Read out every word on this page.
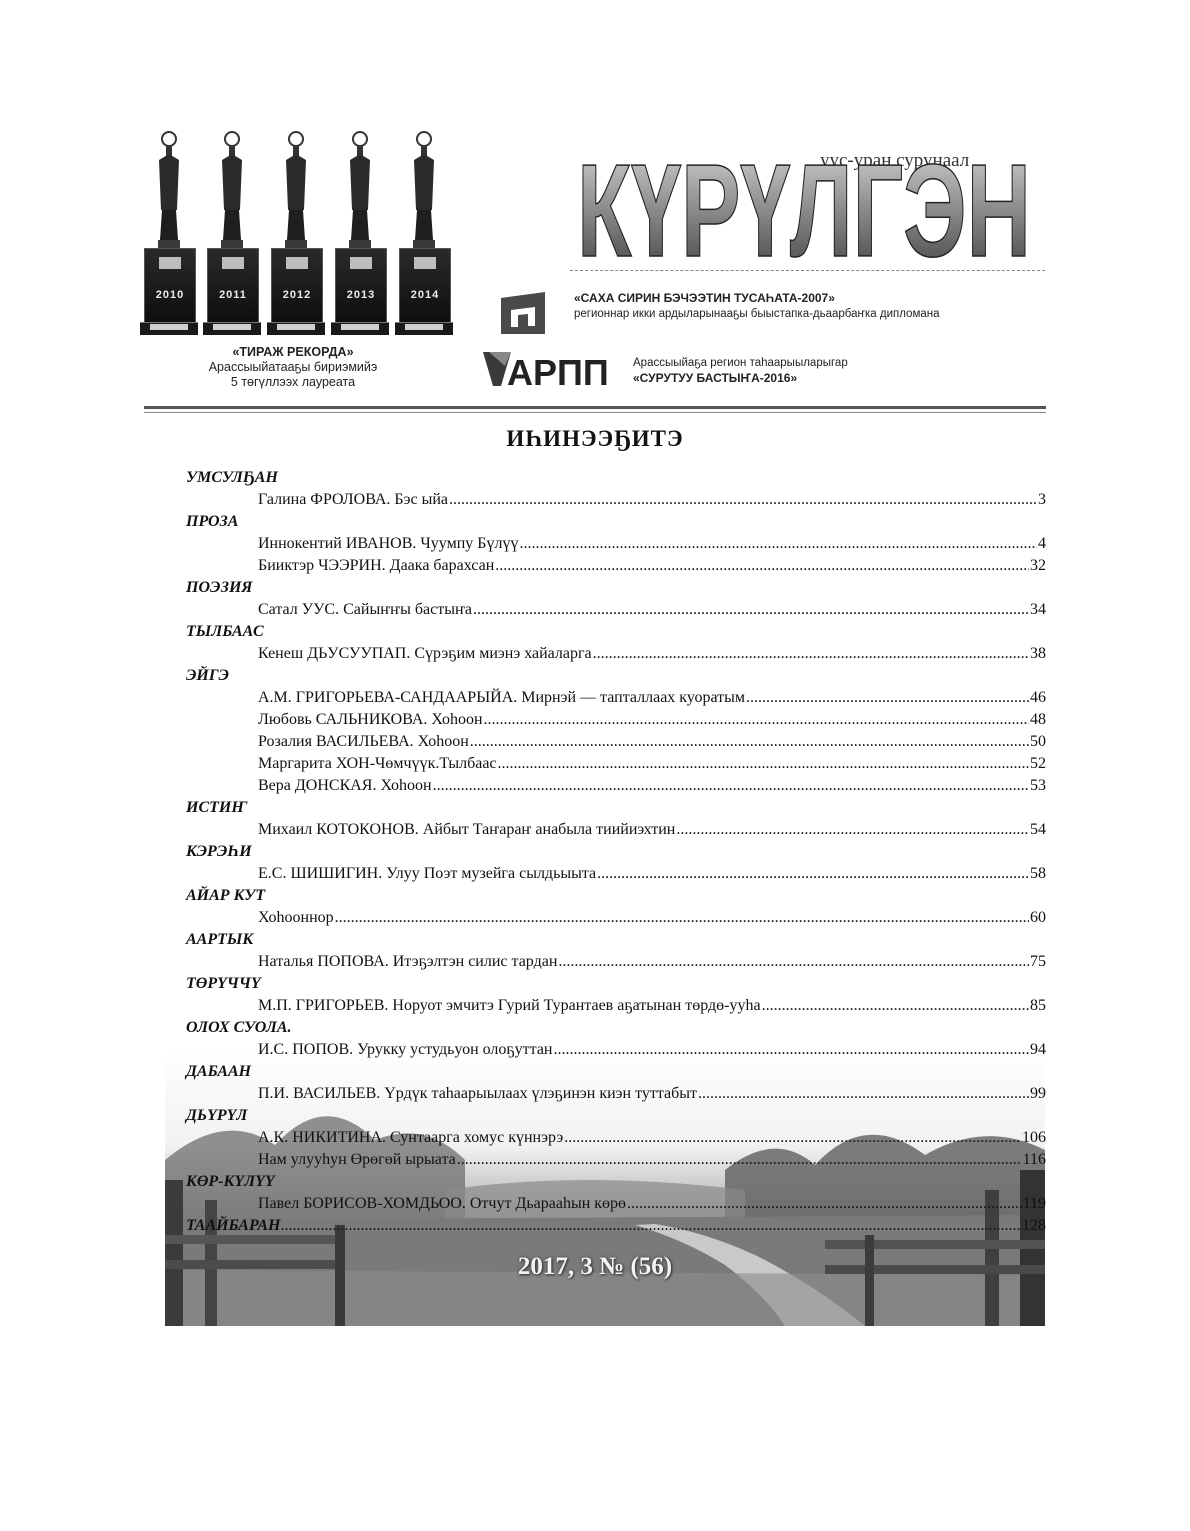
2010	2011	2012	2013	2014
«ТИРАЖ РЕКОРДА»
Арассыыйатааҕы бириэмийэ
5 төгүллээх лауреата
уус-уран сурунаал
КҮРҮЛГЭН
«САХА СИРИН БЭЧЭЭТИН ТУСАҺАТА-2007»
регионнар икки ардыларынааҕы быыстапка-дьаарбаҥка дипломана
АРПП Арассыыйаҕа регион таһаарыыларыгар
«СУРУТУУ БАСТЫҤА-2016»
ИҺИНЭЭҔИТЭ
УМСУЛҔАН
Галина ФРОЛОВА. Бэс ыйа .....	3
ПРОЗА
Иннокентий ИВАНОВ. Чуумпу Бүлүү .....	4
Бииктэр ЧЭЭРИН. Даака барахсан .....	32
ПОЭЗИЯ
Сатал УУС. Сайыҥҥы бастыҥа .....	34
ТЫЛБААС
Кенеш ДЬУСУУПАП. Сүрэҕим миэнэ хайаларга .....	38
ЭЙГЭ
А.М. ГРИГОРЬЕВА-САНДААРЫЙА. Мирнэй — тапталлаах куоратым .....	46
Любовь САЛЬНИКОВА. Хоһоон .....	48
Розалия ВАСИЛЬЕВА. Хоһоон .....	50
Маргарита ХОН-Чөмчүүк.Тылбаас .....	52
Вера ДОНСКАЯ. Хоһоон .....	53
ИСТИҤ
Михаил КОТОКОНОВ. Айбыт Таҥараҥ анабыла тиийиэхтин .....	54
КЭРЭҺИ
Е.С. ШИШИГИН. Улуу Поэт музейга сылдьыыта .....	58
АЙАР КУТ
Хоһооннор .....	60
ААРТЫК
Наталья ПОПОВА. Итэҕэлтэн силис тардан .....	75
ТӨРҮЧЧҮ
М.П. ГРИГОРЬЕВ. Норуот эмчитэ Гурий Турантаев аҕатынан төрдө-ууһа .....	85
ОЛОХ СУОЛА.
И.С. ПОПОВ. Урукку устудьуон олоҕуттан .....	94
ДАБААН
П.И. ВАСИЛЬЕВ. Үрдүк таһаарыылаах үлэҕинэн киэн туттабыт .....	99
ДЬҮРҮЛ
А.К. НИКИТИНА. Сунтаарга хомус күннэрэ .....	106
Нам улууһун Өрөгөй ырыата .....	116
КӨР-КҮЛҮҮ
Павел БОРИСОВ-ХОМДЬОО. Отчут Дьарааһын көрө .....	119
ТААЙБАРАН .....	128
2017, 3 № (56)
